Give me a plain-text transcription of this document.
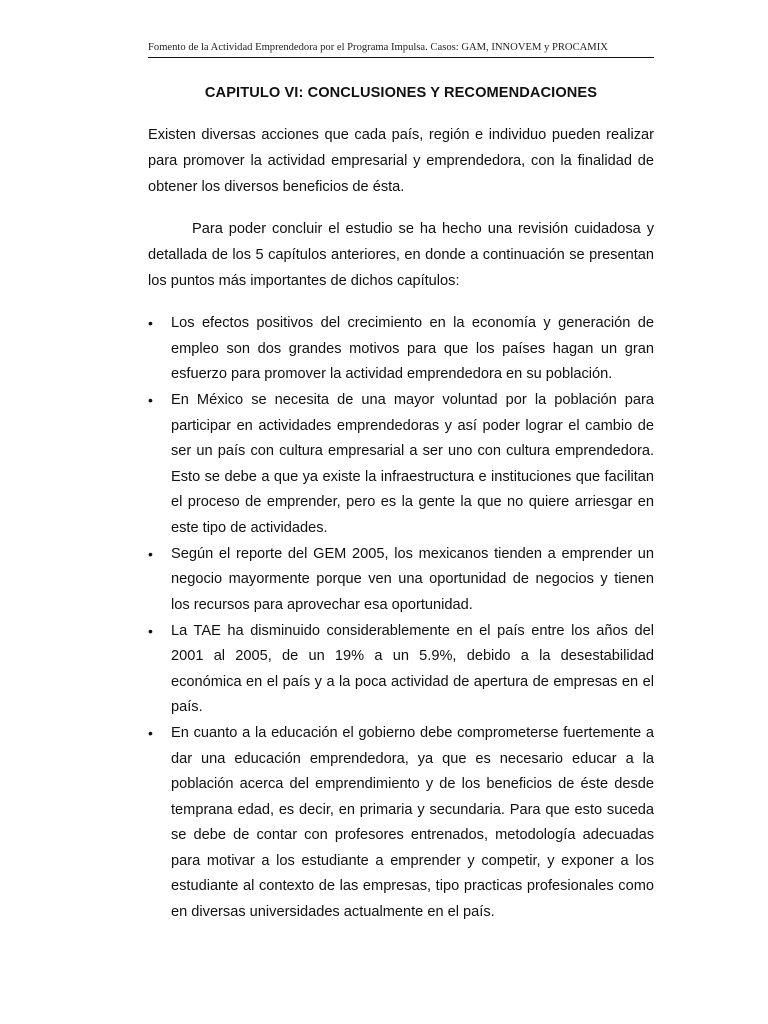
Fomento de la Actividad Emprendedora por el Programa Impulsa. Casos: GAM, INNOVEM y PROCAMIX
CAPITULO VI: CONCLUSIONES Y RECOMENDACIONES

Existen diversas acciones que cada país, región e individuo pueden realizar para promover la actividad empresarial y emprendedora, con la finalidad de obtener los diversos beneficios de ésta.

Para poder concluir el estudio se ha hecho una revisión cuidadosa y detallada de los 5 capítulos anteriores, en donde a continuación se presentan los puntos más importantes de dichos capítulos:

•	Los efectos positivos del crecimiento en la economía y generación de empleo son dos grandes motivos para que los países hagan un gran esfuerzo para promover la actividad emprendedora en su población.
•	En México se necesita de una mayor voluntad por la población para participar en actividades emprendedoras y así poder lograr el cambio de ser un país con cultura empresarial a ser uno con cultura emprendedora. Esto se debe a que ya existe la infraestructura e instituciones que facilitan el proceso de emprender, pero es la gente la que no quiere arriesgar en este tipo de actividades.
•	Según el reporte del GEM 2005, los mexicanos tienden a emprender un negocio mayormente porque ven una oportunidad de negocios y tienen los recursos para aprovechar esa oportunidad.
•	La TAE ha disminuido considerablemente en el país entre los años del 2001 al 2005, de un 19% a un 5.9%, debido a la desestabilidad económica en el país y a la poca actividad de apertura de empresas en el país.
•	En cuanto a la educación el gobierno debe comprometerse fuertemente a dar una educación emprendedora, ya que es necesario educar a la población acerca del emprendimiento y de los beneficios de éste desde temprana edad, es decir, en primaria y secundaria. Para que esto suceda se debe de contar con profesores entrenados, metodología adecuadas para motivar a los estudiante a emprender y competir, y exponer a los estudiante al contexto de las empresas, tipo practicas profesionales como en diversas universidades actualmente en el país.
